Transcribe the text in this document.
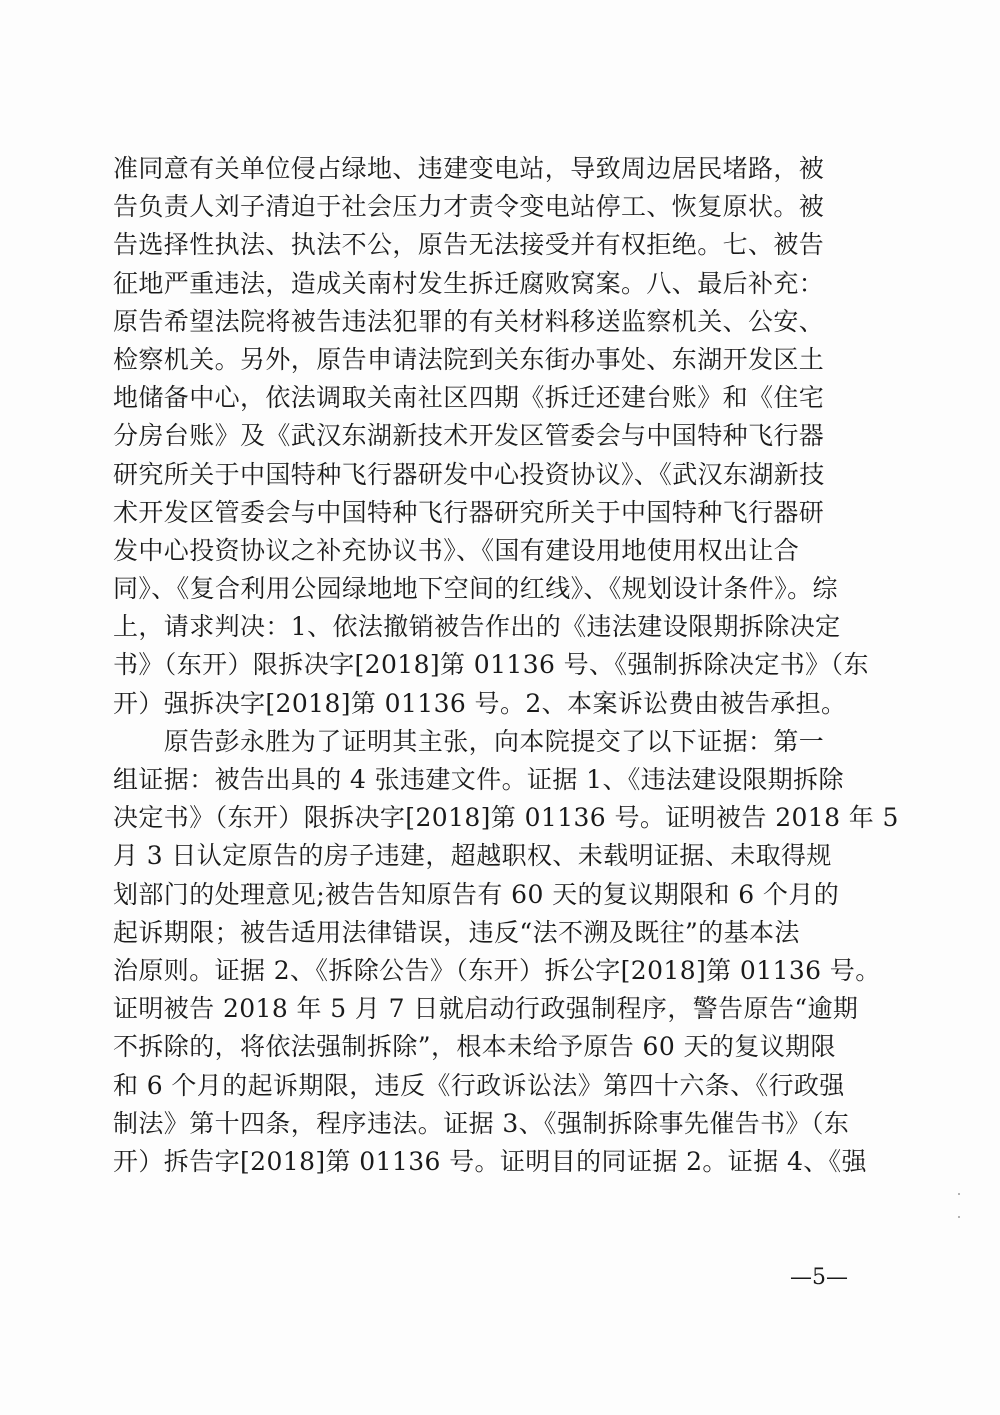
准同意有关单位侵占绿地、违建变电站，导致周边居民堵路，被
告负责人刘子清迫于社会压力才责令变电站停工、恢复原状。被
告选择性执法、执法不公，原告无法接受并有权拒绝。七、被告
征地严重违法，造成关南村发生拆迁腐败窝案。八、最后补充：
原告希望法院将被告违法犯罪的有关材料移送监察机关、公安、
检察机关。另外，原告申请法院到关东街办事处、东湖开发区土
地储备中心，依法调取关南社区四期《拆迁还建台账》和《住宅
分房台账》及《武汉东湖新技术开发区管委会与中国特种飞行器
研究所关于中国特种飞行器研发中心投资协议》、《武汉东湖新技
术开发区管委会与中国特种飞行器研究所关于中国特种飞行器研
发中心投资协议之补充协议书》、《国有建设用地使用权出让合
同》、《复合利用公园绿地地下空间的红线》、《规划设计条件》。综
上，请求判决：1、依法撤销被告作出的《违法建设限期拆除决定
书》（东开）限拆决字[2018]第 01136 号、《强制拆除决定书》（东
开）强拆决字[2018]第 01136 号。2、本案诉讼费由被告承担。
　　原告彭永胜为了证明其主张，向本院提交了以下证据：第一
组证据：被告出具的 4 张违建文件。证据 1、《违法建设限期拆除
决定书》（东开）限拆决字[2018]第 01136 号。证明被告 2018 年 5
月 3 日认定原告的房子违建，超越职权、未载明证据、未取得规
划部门的处理意见;被告告知原告有 60 天的复议期限和 6 个月的
起诉期限；被告适用法律错误，违反“法不溯及既往”的基本法
治原则。证据 2、《拆除公告》（东开）拆公字[2018]第 01136 号。
证明被告 2018 年 5 月 7 日就启动行政强制程序，警告原告“逾期
不拆除的，将依法强制拆除”，根本未给予原告 60 天的复议期限
和 6 个月的起诉期限，违反《行政诉讼法》第四十六条、《行政强
制法》第十四条，程序违法。证据 3、《强制拆除事先催告书》（东
开）拆告字[2018]第 01136 号。证明目的同证据 2。证据 4、《强
—5—
